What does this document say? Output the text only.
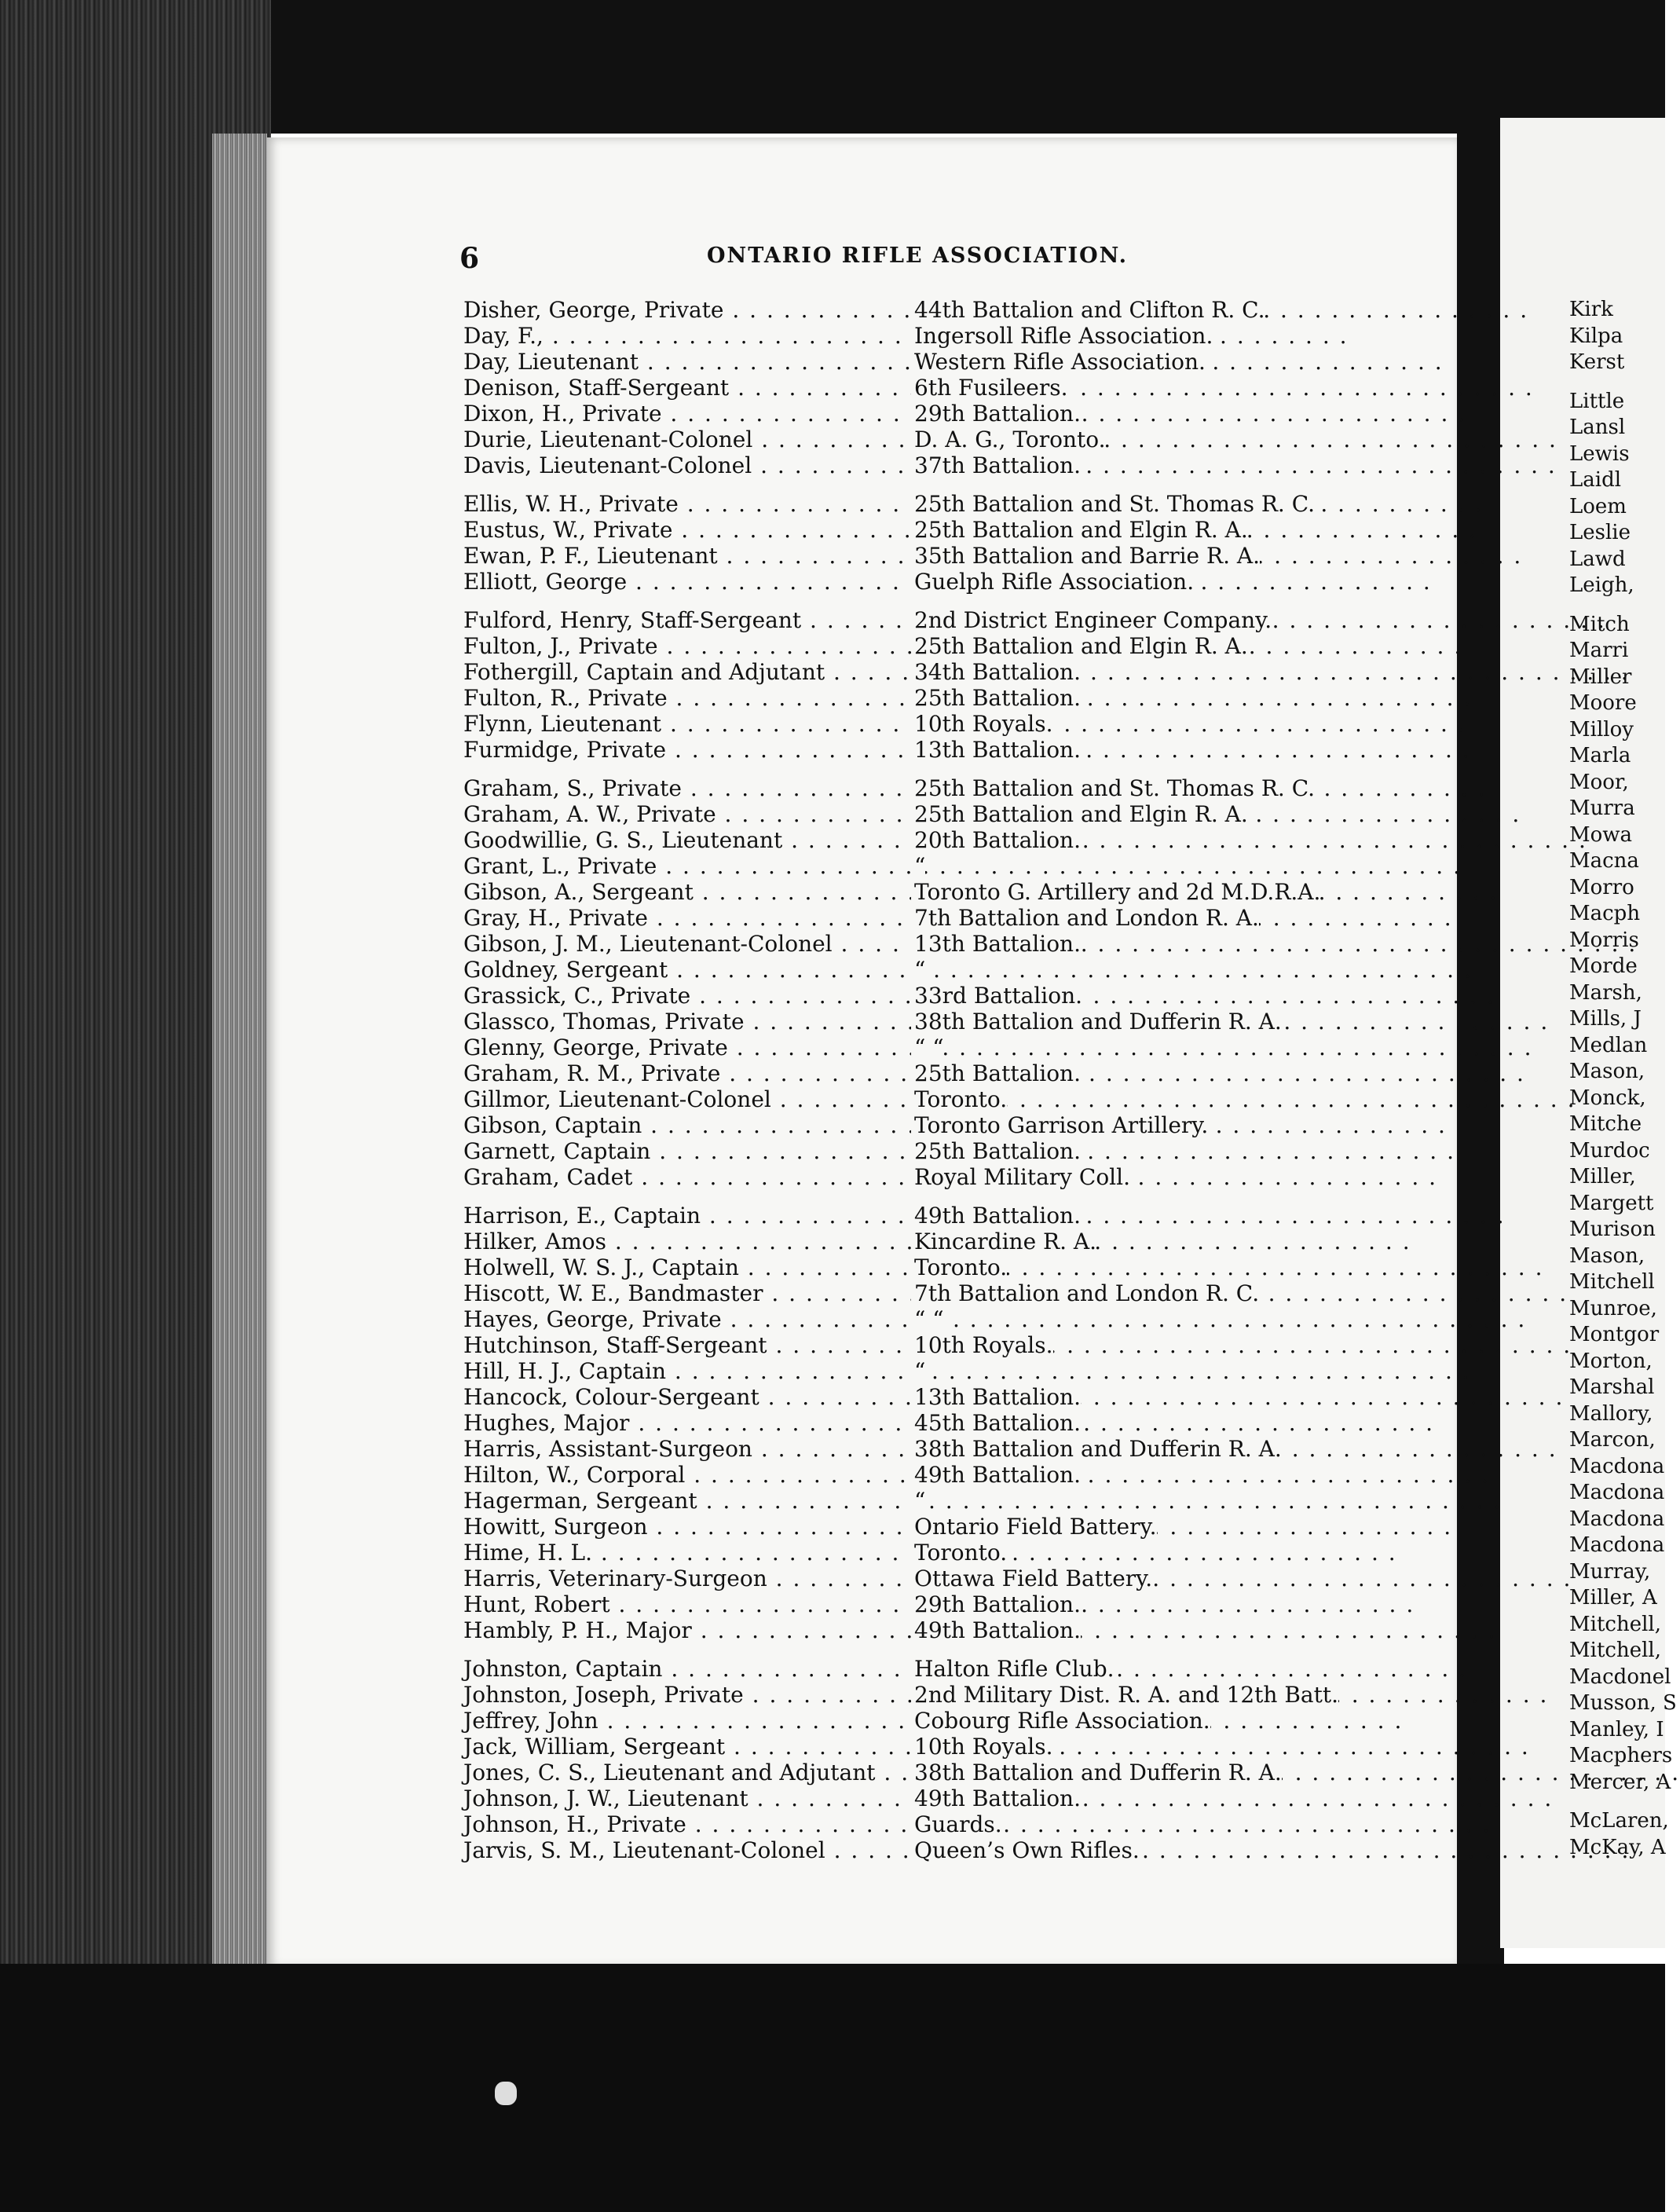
6	ONTARIO RIFLE ASSOCIATION.
Disher, George, Private . . .	44th Battalion and Clifton R. C.
Day, F., . . .	Ingersoll Rifle Association.
Day, Lieutenant . . .	Western Rifle Association.
Denison, Staff-Sergeant . . .	6th Fusileers.
Dixon, H., Private . . .	29th Battalion.
Durie, Lieutenant-Colonel . . .	D. A. G., Toronto.
Davis, Lieutenant-Colonel . . .	37th Battalion.
Ellis, W. H., Private . . .	25th Battalion and St. Thomas R. C.
Eustus, W., Private . . .	25th Battalion and Elgin R. A.
Ewan, P. F., Lieutenant . . .	35th Battalion and Barrie R. A.
Elliott, George . . .	Guelph Rifle Association.
Fulford, Henry, Staff-Sergeant . . .	2nd District Engineer Company.
Fulton, J., Private . . .	25th Battalion and Elgin R. A.
Fothergill, Captain and Adjutant . . .	34th Battalion.
Fulton, R., Private . . .	25th Battalion.
Flynn, Lieutenant . . .	10th Royals.
Furmidge, Private . . .	13th Battalion.
Graham, S., Private . . .	25th Battalion and St. Thomas R. C.
Graham, A. W., Private . . .	25th Battalion and Elgin R. A.
Goodwillie, G. S., Lieutenant . . .	20th Battalion.
Grant, L., Private . . .	“
Gibson, A., Sergeant . . .	Toronto G. Artillery and 2d M.D.R.A.
Gray, H., Private . . .	7th Battalion and London R. A.
Gibson, J. M., Lieutenant-Colonel . . .	13th Battalion.
Goldney, Sergeant . . .	“
Grassick, C., Private . . .	33rd Battalion.
Glassco, Thomas, Private . . .	38th Battalion and Dufferin R. A.
Glenny, George, Private . . .	“ “
Graham, R. M., Private . . .	25th Battalion.
Gillmor, Lieutenant-Colonel . . .	Toronto.
Gibson, Captain . . .	Toronto Garrison Artillery.
Garnett, Captain . . .	25th Battalion.
Graham, Cadet . . .	Royal Military Coll.
Harrison, E., Captain . . .	49th Battalion.
Hilker, Amos . . .	Kincardine R. A.
Holwell, W. S. J., Captain . . .	Toronto.
Hiscott, W. E., Bandmaster . . .	7th Battalion and London R. C.
Hayes, George, Private . . .	“ “
Hutchinson, Staff-Sergeant . . .	10th Royals.
Hill, H. J., Captain . . .	“
Hancock, Colour-Sergeant . . .	13th Battalion.
Hughes, Major . . .	45th Battalion.
Harris, Assistant-Surgeon . . .	38th Battalion and Dufferin R. A.
Hilton, W., Corporal . . .	49th Battalion.
Hagerman, Sergeant . . .	“
Howitt, Surgeon . . .	Ontario Field Battery.
Hime, H. L. . . .	Toronto.
Harris, Veterinary-Surgeon . . .	Ottawa Field Battery.
Hunt, Robert . . .	29th Battalion.
Hambly, P. H., Major . . .	49th Battalion.
Johnston, Captain . . .	Halton Rifle Club.
Johnston, Joseph, Private . . .	2nd Military Dist. R. A. and 12th Batt.
Jeffrey, John . . .	Cobourg Rifle Association.
Jack, William, Sergeant . . .	10th Royals.
Jones, C. S., Lieutenant and Adjutant . . .	38th Battalion and Dufferin R. A.
Johnson, J. W., Lieutenant . . .	49th Battalion.
Johnson, H., Private . . .	Guards.
Jarvis, S. M., Lieutenant-Colonel . . .	Queen’s Own Rifles.
Kirk
Kilpa
Kerst
Little
Lansl
Lewis
Laidl
Loem
Leslie
Lawd
Leigh,
Mitch
Marri
Miller
Moore
Milloy
Marla
Moor,
Murra
Mowa
Macna
Morro
Macph
Morris
Morde
Marsh,
Mills, J
Medlan
Mason,
Monck,
Mitche
Murdoc
Miller,
Margett
Murison
Mason,
Mitchell
Munroe,
Montgor
Morton,
Marshal
Mallory,
Marcon,
Macdona
Macdona
Macdona
Macdona
Murray,
Miller, A
Mitchell,
Mitchell,
Macdonel
Musson, S
Manley, I
Macphers
Mercer, A
McLaren,
McKay, A
